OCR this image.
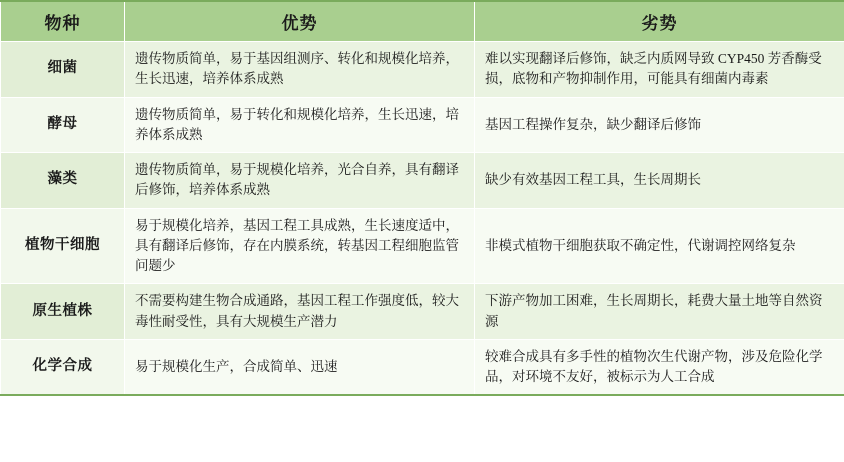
物种	优势	劣势
细菌	遗传物质简单，易于基因组测序、转化和规模化培养，生长迅速，培养体系成熟	难以实现翻译后修饰，缺乏内质网导致 CYP450 芳香酶受损，底物和产物抑制作用，可能具有细菌内毒素

酵母	遗传物质简单，易于转化和规模化培养，生长迅速，培养体系成熟	基因工程操作复杂，缺少翻译后修饰

藻类	遗传物质简单，易于规模化培养，光合自养，具有翻译后修饰，培养体系成熟	缺少有效基因工程工具，生长周期长

植物干细胞	易于规模化培养，基因工程工具成熟，生长速度适中，具有翻译后修饰，存在内膜系统，转基因工程细胞监管问题少	非模式植物干细胞获取不确定性，代谢调控网络复杂

原生植株	不需要构建生物合成通路，基因工程工作强度低，较大毒性耐受性，具有大规模生产潜力	下游产物加工困难，生长周期长，耗费大量土地等自然资源

化学合成	易于规模化生产，合成简单、迅速	较难合成具有多手性的植物次生代谢产物，涉及危险化学品，对环境不友好，被标示为人工合成
